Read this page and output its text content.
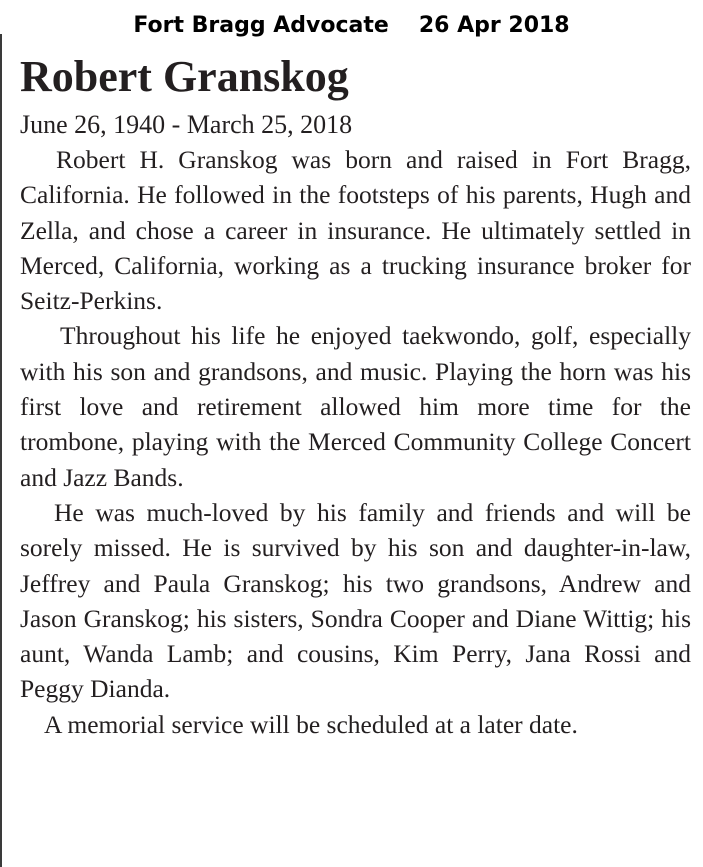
Fort Bragg Advocate 26 Apr 2018
Robert Granskog
June 26, 1940 - March 25, 2018

Robert H. Granskog was born and raised in Fort Bragg, California. He followed in the footsteps of his parents, Hugh and Zella, and chose a career in insurance. He ultimately settled in Merced, California, working as a trucking insurance broker for Seitz-Perkins.

Throughout his life he enjoyed taekwondo, golf, especially with his son and grandsons, and music. Playing the horn was his first love and retirement allowed him more time for the trombone, playing with the Merced Community College Concert and Jazz Bands.

He was much-loved by his family and friends and will be sorely missed. He is survived by his son and daughter-in-law, Jeffrey and Paula Granskog; his two grandsons, Andrew and Jason Granskog; his sisters, Sondra Cooper and Diane Wittig; his aunt, Wanda Lamb; and cousins, Kim Perry, Jana Rossi and Peggy Dianda.

A memorial service will be scheduled at a later date.
